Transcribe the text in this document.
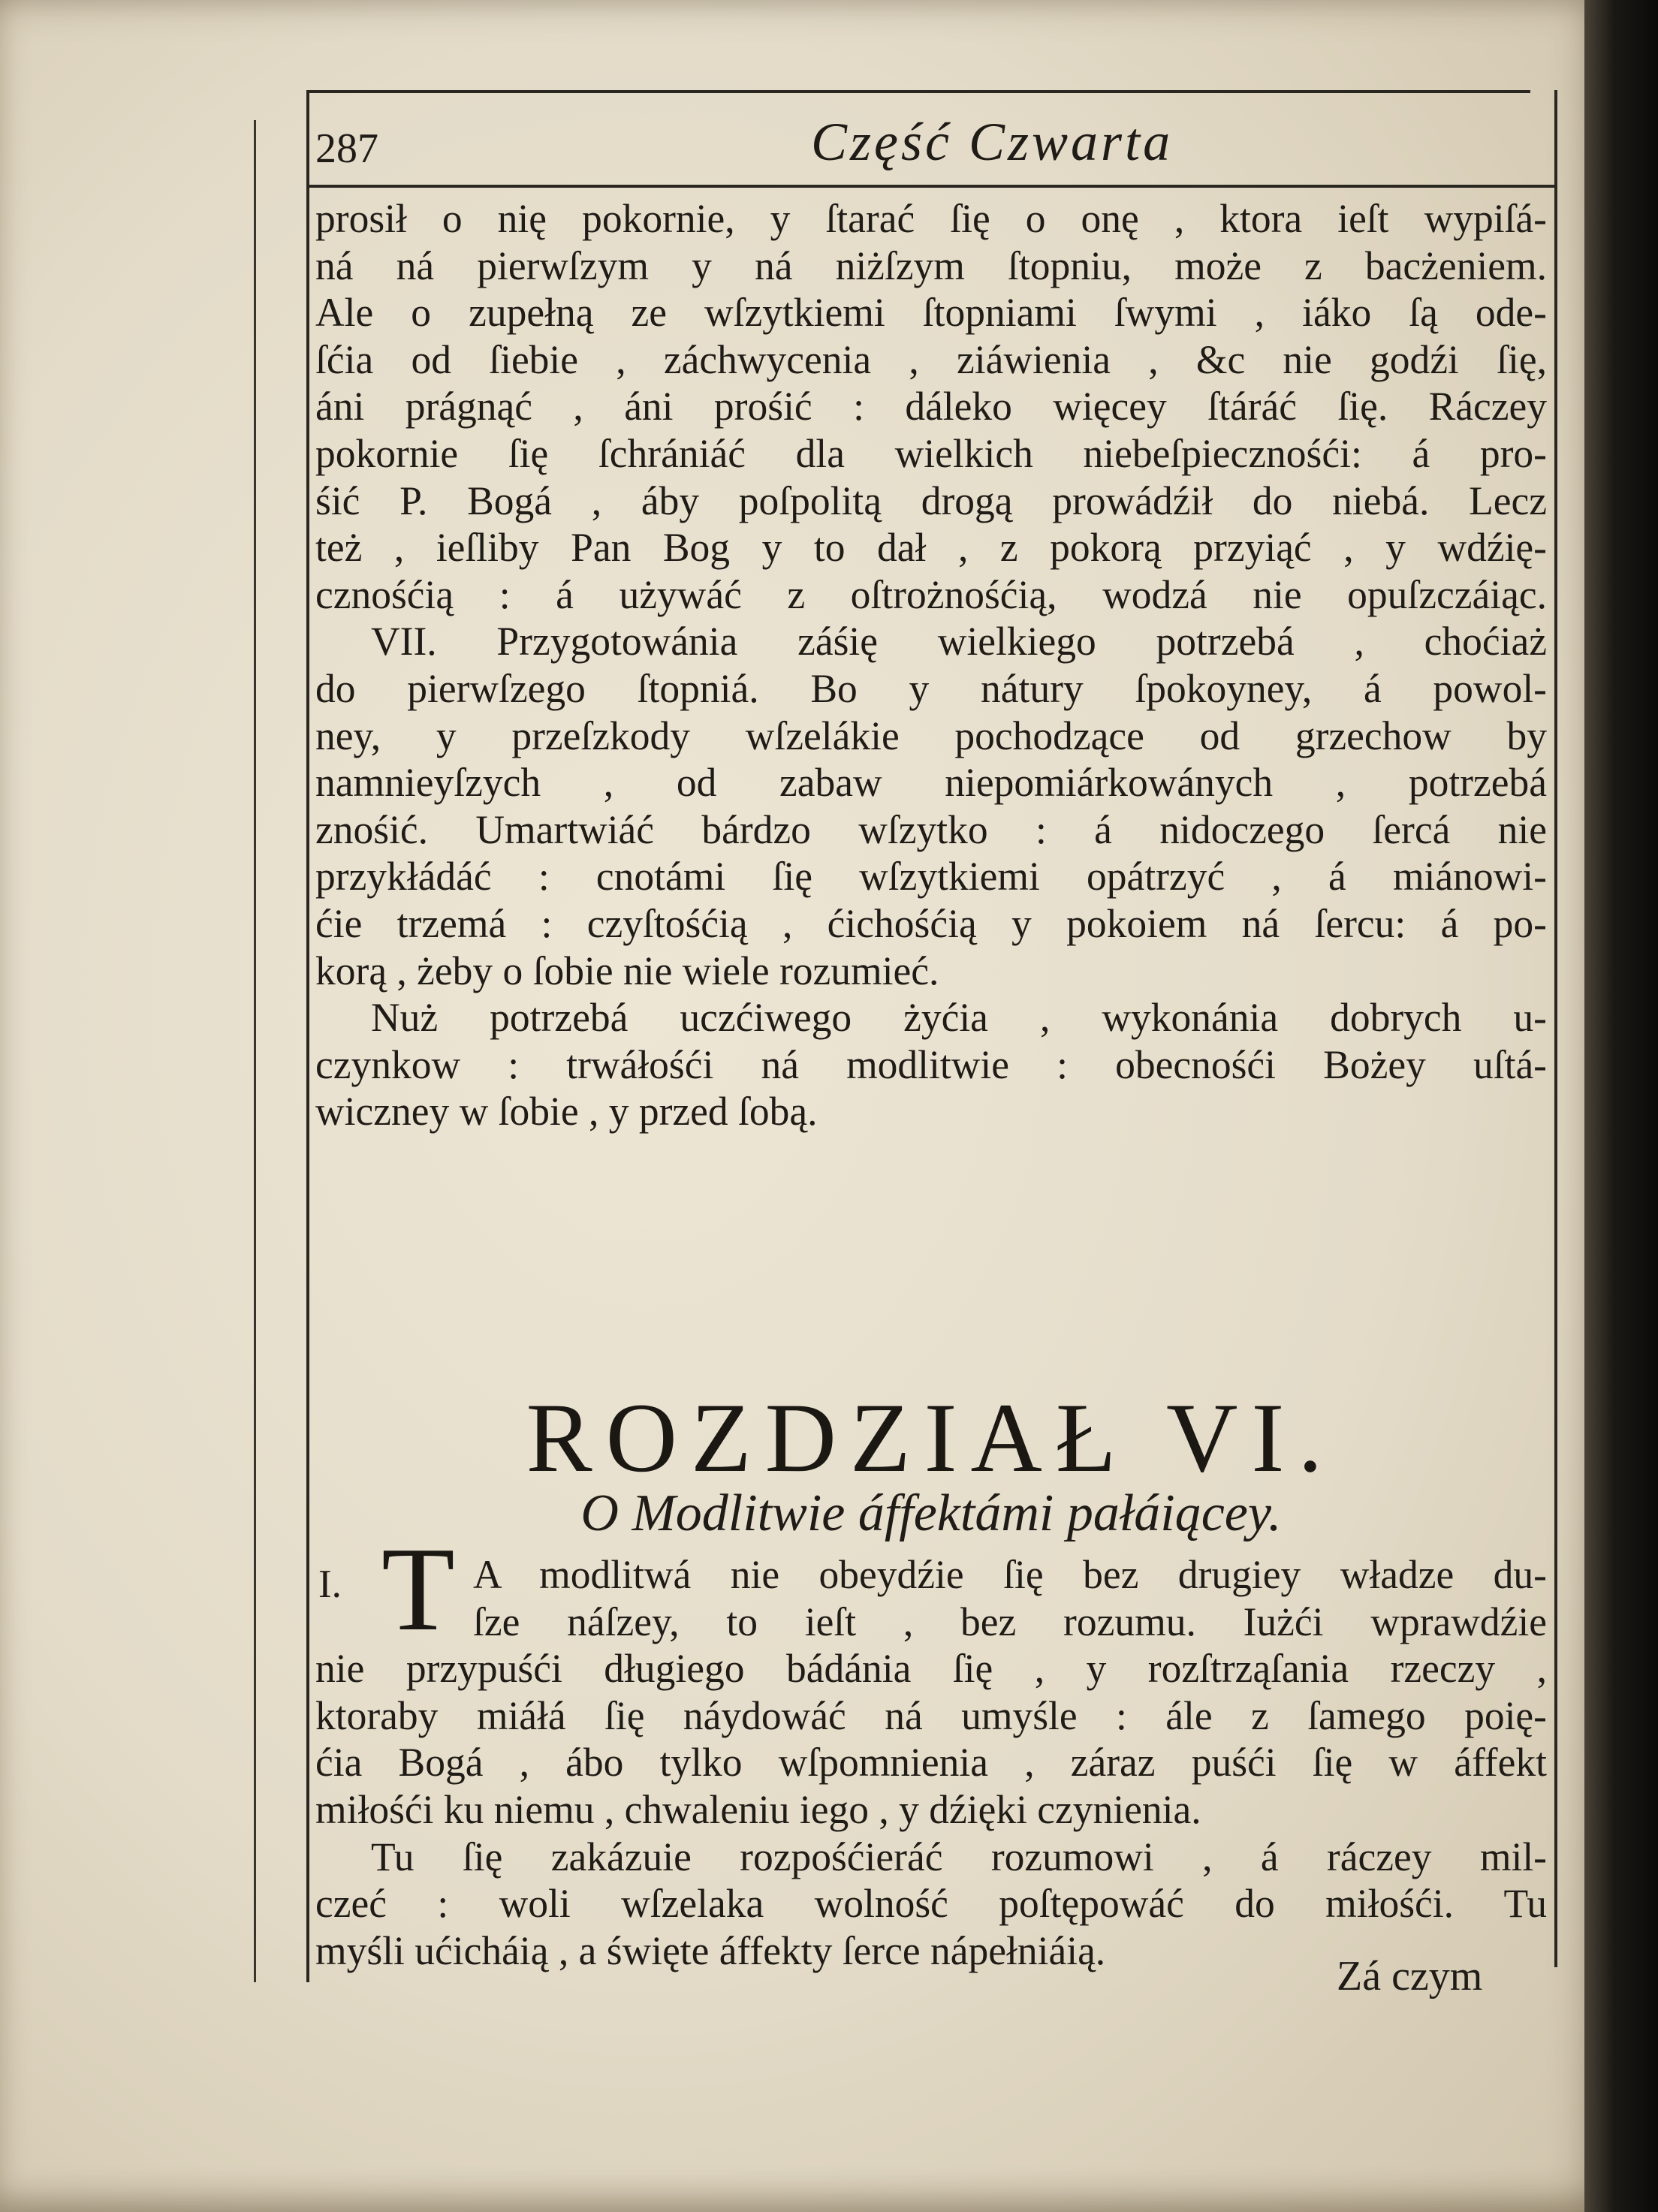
287	Część Czwarta
prosił o nię pokornie, y ſtarać ſię o onę , ktora ieſt wypiſá-
ná ná pierwſzym y ná niżſzym ſtopniu, może z bacżeniem.
Ale o zupełną ze wſzytkiemi ſtopniami ſwymi , iáko ſą ode-
ſćia od ſiebie , záchwycenia , ziáwienia , &c nie godźi ſię,
áni prágnąć , áni prośić : dáleko więcey ſtáráć ſię. Ráczey
pokornie ſię ſchrániáć dla wielkich niebeſpiecznośći: á pro-
śić P. Bogá , áby poſpolitą drogą prowádźił do niebá. Lecz
też , ieſliby Pan Bog y to dał , z pokorą przyiąć , y wdźię-
cznośćią : á używáć z oſtrożnośćią, wodzá nie opuſzczáiąc.
VII. Przygotowánia záśię wielkiego potrzebá , choćiaż
do pierwſzego ſtopniá. Bo y nátury ſpokoyney, á powol-
ney, y przeſzkody wſzelákie pochodzące od grzechow by
namnieyſzych , od zabaw niepomiárkowánych , potrzebá
znośić. Umartwiáć bárdzo wſzytko : á nidoczego ſercá nie
przykłádáć : cnotámi ſię wſzytkiemi opátrzyć , á miánowi-
ćie trzemá : czyſtośćią , ćichośćią y pokoiem ná ſercu: á po-
korą , żeby o ſobie nie wiele rozumieć.
Nuż potrzebá uczćiwego żyćia , wykonánia dobrych u-
czynkow : trwáłośći ná modlitwie : obecnośći Bożey uſtá-
wiczney w ſobie , y przed ſobą.
ROZDZIAŁ VI.
O Modlitwie áffektámi pałáiącey.
I. T A modlitwá nie obeydźie ſię bez drugiey władze du-
ſze náſzey, to ieſt , bez rozumu. Iużći wprawdźie
nie przypuśći długiego bádánia ſię , y rozſtrząſania rzeczy ,
ktoraby miáłá ſię náydowáć ná umyśle : ále z ſamego poię-
ćia Bogá , ábo tylko wſpomnienia , záraz puśći ſię w áffekt
miłośći ku niemu , chwaleniu iego , y dźięki czynienia.
Tu ſię zakázuie rozpośćieráć rozumowi , á ráczey mil-
czeć : woli wſzelaka wolność poſtępowáć do miłośći. Tu
myśli ućicháią , a święte áffekty ſerce nápełniáią.
Zá czym
